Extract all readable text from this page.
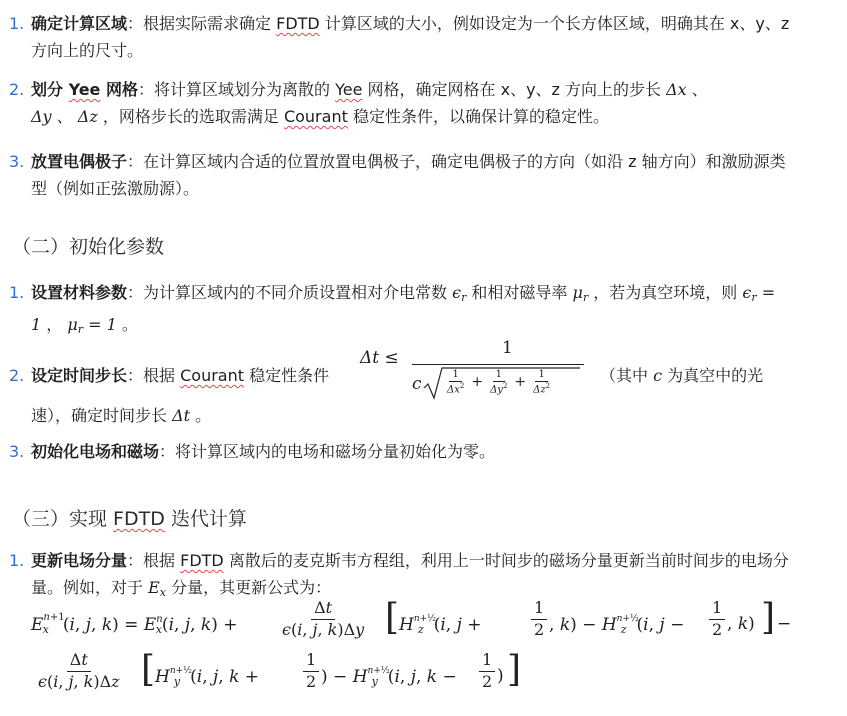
1. 确定计算区域：根据实际需求确定 FDTD 计算区域的大小，例如设定为一个长方体区域，明确其在 x、y、z 方向上的尺寸。
2. 划分 Yee 网格：将计算区域划分为离散的 Yee 网格，确定网格在 x、y、z 方向上的步长 Δx 、
Δy 、 Δz ，网格步长的选取需满足 Courant 稳定性条件，以确保计算的稳定性。
3. 放置电偶极子：在计算区域内合适的位置放置电偶极子，确定电偶极子的方向（如沿 z 轴方向）和激励源类型（例如正弦激励源）。
（二）初始化参数
1. 设置材料参数：为计算区域内的不同介质设置相对介电常数 $\epsilon_r$ 和相对磁导率 $\mu_r$ ，若为真空环境，则 $\epsilon_r = 1$ ， $\mu_r = 1$ 。
2. 设定时间步长：根据 Courant 稳定性条件
Δt ≤	1
c $\frac{1}{\Delta x^2} + \frac{1}{\Delta y^2} + \frac{1}{\Delta z^2}$	（其中 c 为真空中的光
速），确定时间步长 Δt 。
3. 初始化电场和磁场：将计算区域内的电场和磁场分量初始化为零。
（三）实现 FDTD 迭代计算
1. 更新电场分量：根据 FDTD 离散后的麦克斯韦方程组，利用上一时间步的磁场分量更新当前时间步的电场分量。例如，对于 $E_x$ 分量，其更新公式为：
$E^{n+1}_x$ (i, j, $k) = E^n_x(i$, j, k) +	$\frac{\Delta t}{\epsilon(i, j, k)\Delta y}$ [ $H^{n+\frac{1}{2}}_z$ (i, j +	$\frac{1}{2}$ , $k) - H^{n+\frac{1}{2}}_z$ (i, $j - \frac{1}{2}$ , k) ] −
$\frac{\Delta t}{\epsilon(i, j, k)\Delta z}$ [ $H^{n+\frac{1}{2}}_y$ (i, j, k +	$\frac{1}{2}$ ) − $H^{n+\frac{1}{2}}_y$ (i, j, $k - \frac{1}{2}$ ) ]
